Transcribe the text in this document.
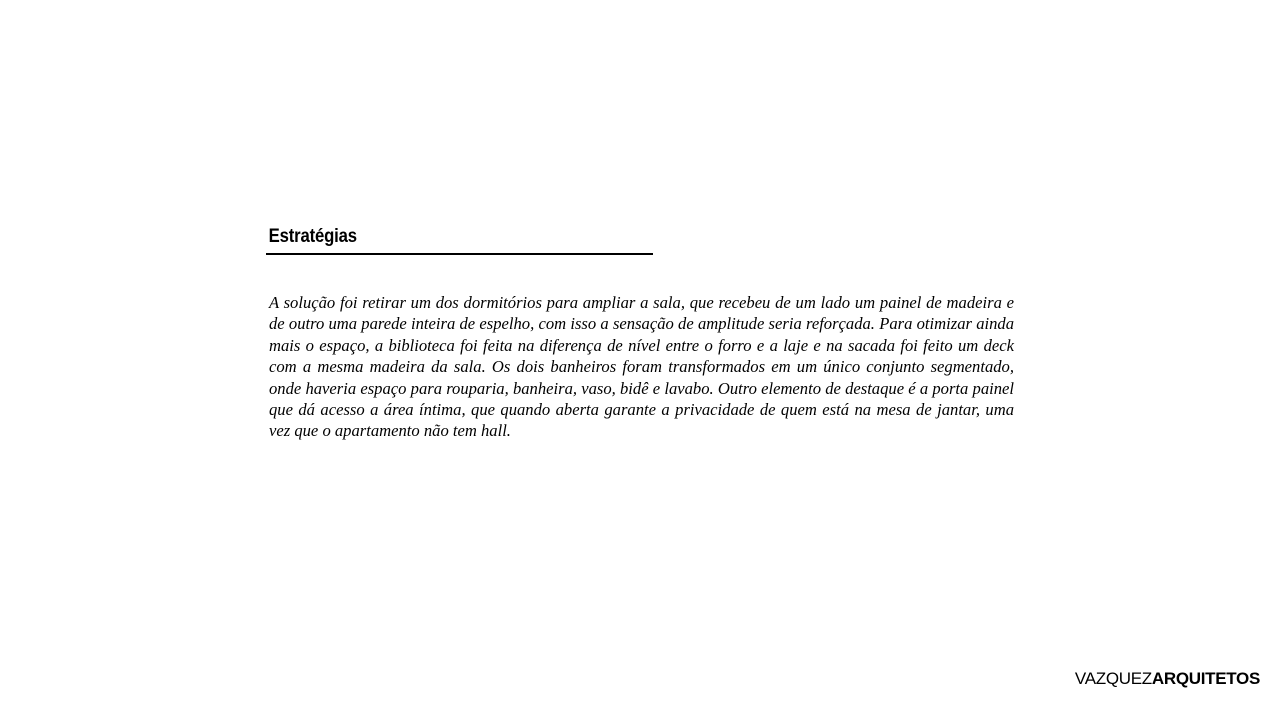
Estratégias

A solução foi retirar um dos dormitórios para ampliar a sala, que recebeu de um lado um painel de madeira e de outro uma parede inteira de espelho, com isso a sensação de amplitude seria reforçada. Para otimizar ainda mais o espaço, a biblioteca foi feita na diferença de nível entre o forro e a laje e na sacada foi feito um deck com a mesma madeira da sala. Os dois banheiros foram transformados em um único conjunto segmentado, onde haveria espaço para rouparia, banheira, vaso, bidê e lavabo. Outro elemento de destaque é a porta painel que dá acesso a área íntima, que quando aberta garante a privacidade de quem está na mesa de jantar, uma vez que o apartamento não tem hall.

VAZQUEZARQUITETOS
